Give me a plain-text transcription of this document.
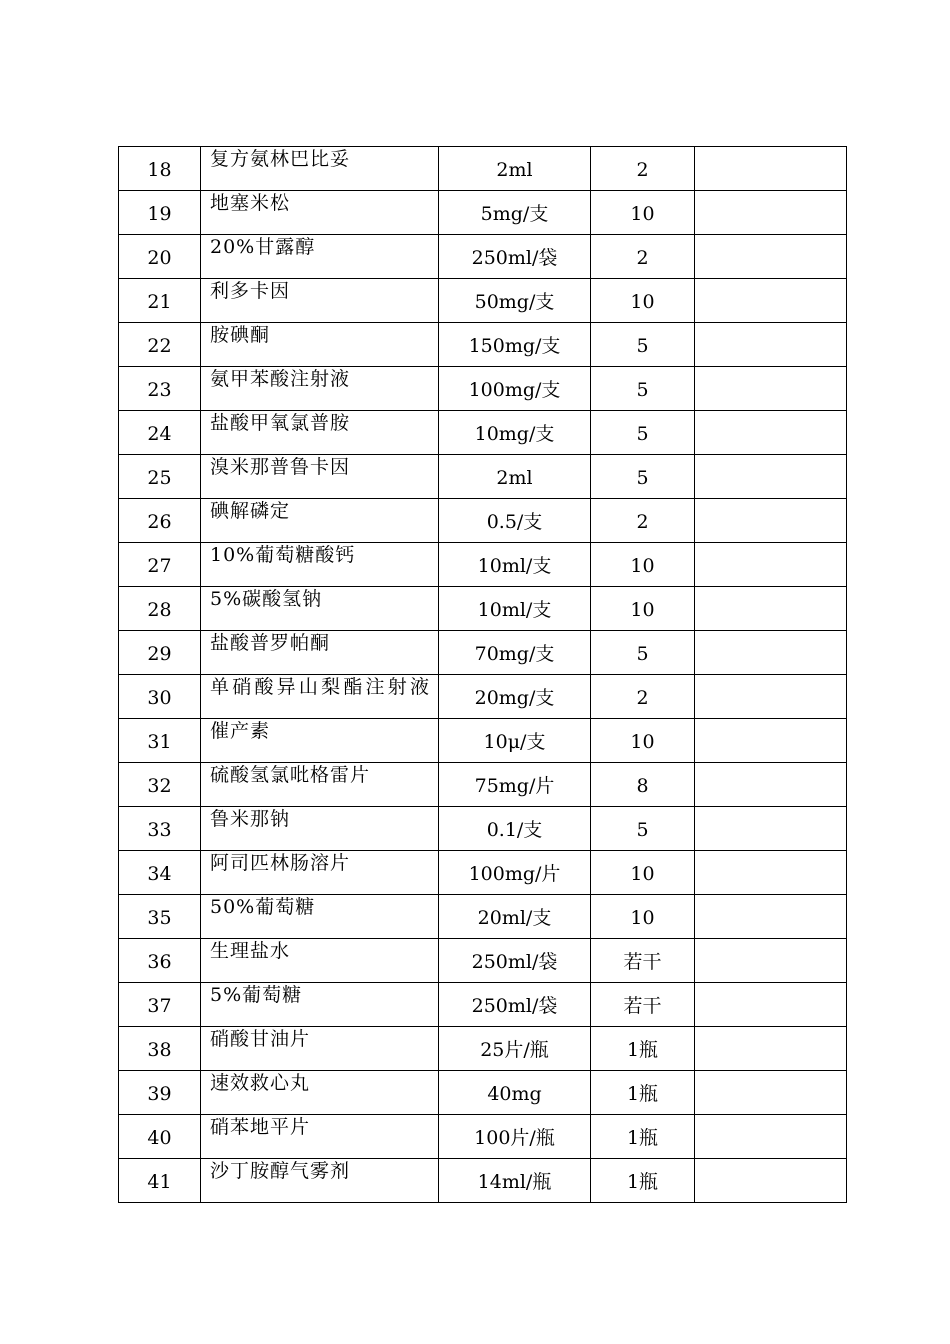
18	复方氨林巴比妥	2ml	2	
19	地塞米松	5mg/支	10	
20	20%甘露醇	250ml/袋	2	
21	利多卡因	50mg/支	10	
22	胺碘酮	150mg/支	5	
23	氨甲苯酸注射液	100mg/支	5	
24	盐酸甲氧氯普胺	10mg/支	5	
25	溴米那普鲁卡因	2ml	5	
26	碘解磷定	0.5/支	2	
27	10%葡萄糖酸钙	10ml/支	10	
28	5%碳酸氢钠	10ml/支	10	
29	盐酸普罗帕酮	70mg/支	5	
30	单硝酸异山梨酯注射液	20mg/支	2	
31	催产素	10μ/支	10	
32	硫酸氢氯吡格雷片	75mg/片	8	
33	鲁米那钠	0.1/支	5	
34	阿司匹林肠溶片	100mg/片	10	
35	50%葡萄糖	20ml/支	10	
36	生理盐水	250ml/袋	若干	
37	5%葡萄糖	250ml/袋	若干	
38	硝酸甘油片	25片/瓶	1瓶	
39	速效救心丸	40mg	1瓶	
40	硝苯地平片	100片/瓶	1瓶	
41	沙丁胺醇气雾剂	14ml/瓶	1瓶	
